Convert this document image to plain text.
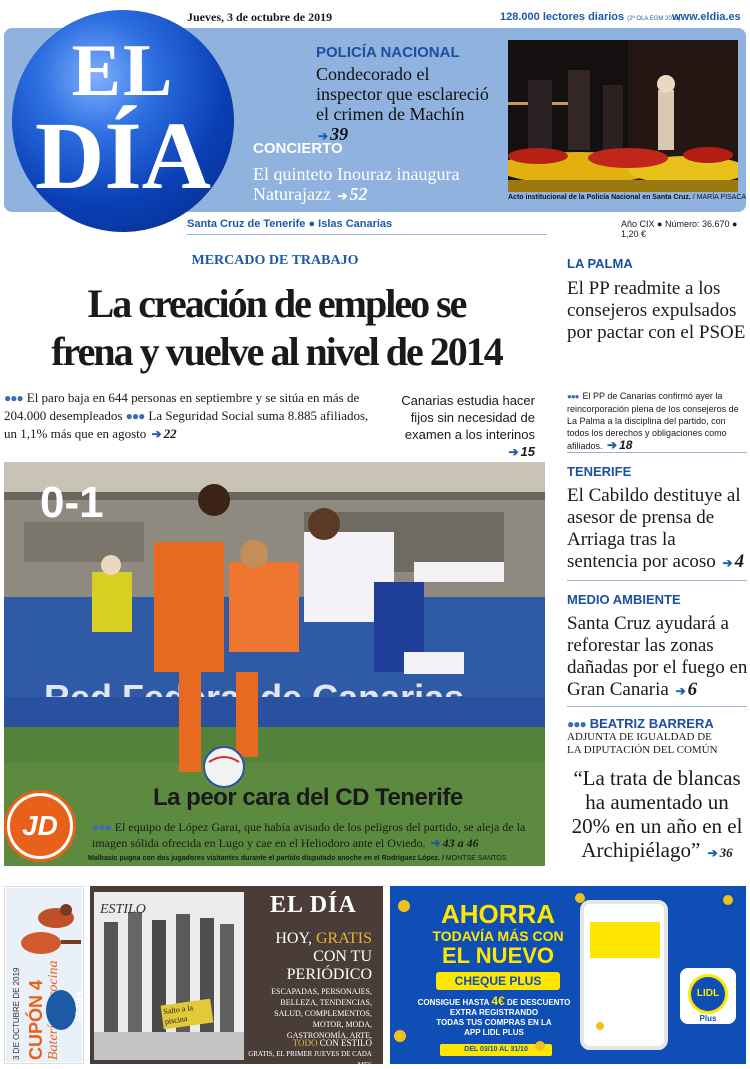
EL
DÍA
Jueves, 3 de octubre de 2019	128.000 lectores diarios (2ª OLA EGM 2019)
www.eldia.es
POLICÍA NACIONAL
Condecorado el inspector que esclareció el crimen de Machín ➔ 39
CONCIERTO
El quinteto Inouraz inaugura Naturajazz ➔ 52	Acto institucional de la Policía Nacional en Santa Cruz. / MARÍA PISACA
Santa Cruz de Tenerife ● Islas Canarias	Año CIX ● Número: 36.670 ● 1,20 €
MERCADO DE TRABAJO
La creación de empleo se
frena y vuelve al nivel de 2014
●●● El paro baja en 644 personas en septiembre y se sitúa en más de 204.000 desempleados ●●● La Seguridad Social suma 8.885 afiliados, un 1,1% más que en agosto ➔ 22
Canarias estudia hacer fijos sin necesidad de examen a los interinos ➔ 15
0-1
La peor cara del CD Tenerife
●●● El equipo de López Garai, que había avisado de los peligros del partido, se aleja de la imagen sólida ofrecida en Lugo y cae en el Heliodoro ante el Oviedo. ➔ 43 a 46
Malbasic pugna con dos jugadores visitantes durante el partido disputado anoche en el Rodríguez López. / MONTSE SANTOS
JD
LA PALMA
El PP readmite a los consejeros expulsados por pactar con el PSOE
●●● El PP de Canarias confirmó ayer la reincorporación plena de los consejeros de La Palma a la disciplina del partido, con todos los derechos y obligaciones como afiliados. ➔ 18
TENERIFE
El Cabildo destituye al asesor de prensa de Arriaga tras la sentencia por acoso ➔ 4
MEDIO AMBIENTE
Santa Cruz ayudará a reforestar las zonas dañadas por el fuego en Gran Canaria ➔ 6
●●● BEATRIZ BARRERA
ADJUNTA DE IGUALDAD DE
LA DIPUTACIÓN DEL COMÚN
“La trata de blancas ha aumentado un 20% en un año en el Archipiélago” ➔ 36
3 DE OCTUBRE DE 2019 CUPÓN 4	EL DÍA
ESTILO
Salto a la piscina
EL DÍA
HOY, GRATIS
CON TU PERIÓDICO
ESCAPADAS, PERSONAJES, BELLEZA, TENDENCIAS, SALUD, COMPLEMENTOS, MOTOR, MODA, GASTRONOMÍA, ARTE,
TODO CON ESTILO
GRATIS, EL PRIMER JUEVES DE CADA MES
AHORRA
TODAVÍA MÁS CON
EL NUEVO
CHEQUE PLUS
CONSIGUE HASTA 4€ DE DESCUENTO
EXTRA REGISTRANDO
TODAS TUS COMPRAS EN LA
APP LIDL PLUS
DEL 03/10 AL 31/10
LIDL
Plus
